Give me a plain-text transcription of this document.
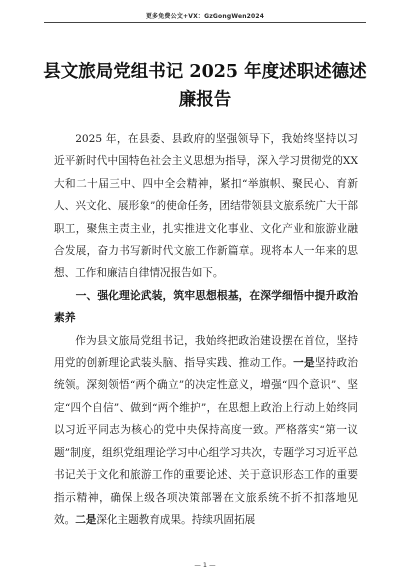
更多免费公文+VX：GzGongWen2024
县文旅局党组书记 2025 年度述职述德述廉报告

2025 年，在县委、县政府的坚强领导下，我始终坚持以习近平新时代中国特色社会主义思想为指导，深入学习贯彻党的XX大和二十届三中、四中全会精神，紧扣“举旗帜、聚民心、育新人、兴文化、展形象”的使命任务，团结带领县文旅系统广大干部职工，聚焦主责主业，扎实推进文化事业、文化产业和旅游业融合发展，奋力书写新时代文旅工作新篇章。现将本人一年来的思想、工作和廉洁自律情况报告如下。

一、强化理论武装，筑牢思想根基，在深学细悟中提升政治素养

作为县文旅局党组书记，我始终把政治建设摆在首位，坚持用党的创新理论武装头脑、指导实践、推动工作。一是坚持政治统领。深刻领悟“两个确立”的决定性意义，增强“四个意识”、坚定“四个自信”、做到“两个维护”，在思想上政治上行动上始终同以习近平同志为核心的党中央保持高度一致。严格落实“第一议题”制度，组织党组理论学习中心组学习共次，专题学习习近平总书记关于文化和旅游工作的重要论述、关于意识形态工作的重要指示精神，确保上级各项决策部署在文旅系统不折不扣落地见效。二是深化主题教育成果。持续巩固拓展

— 1 —
